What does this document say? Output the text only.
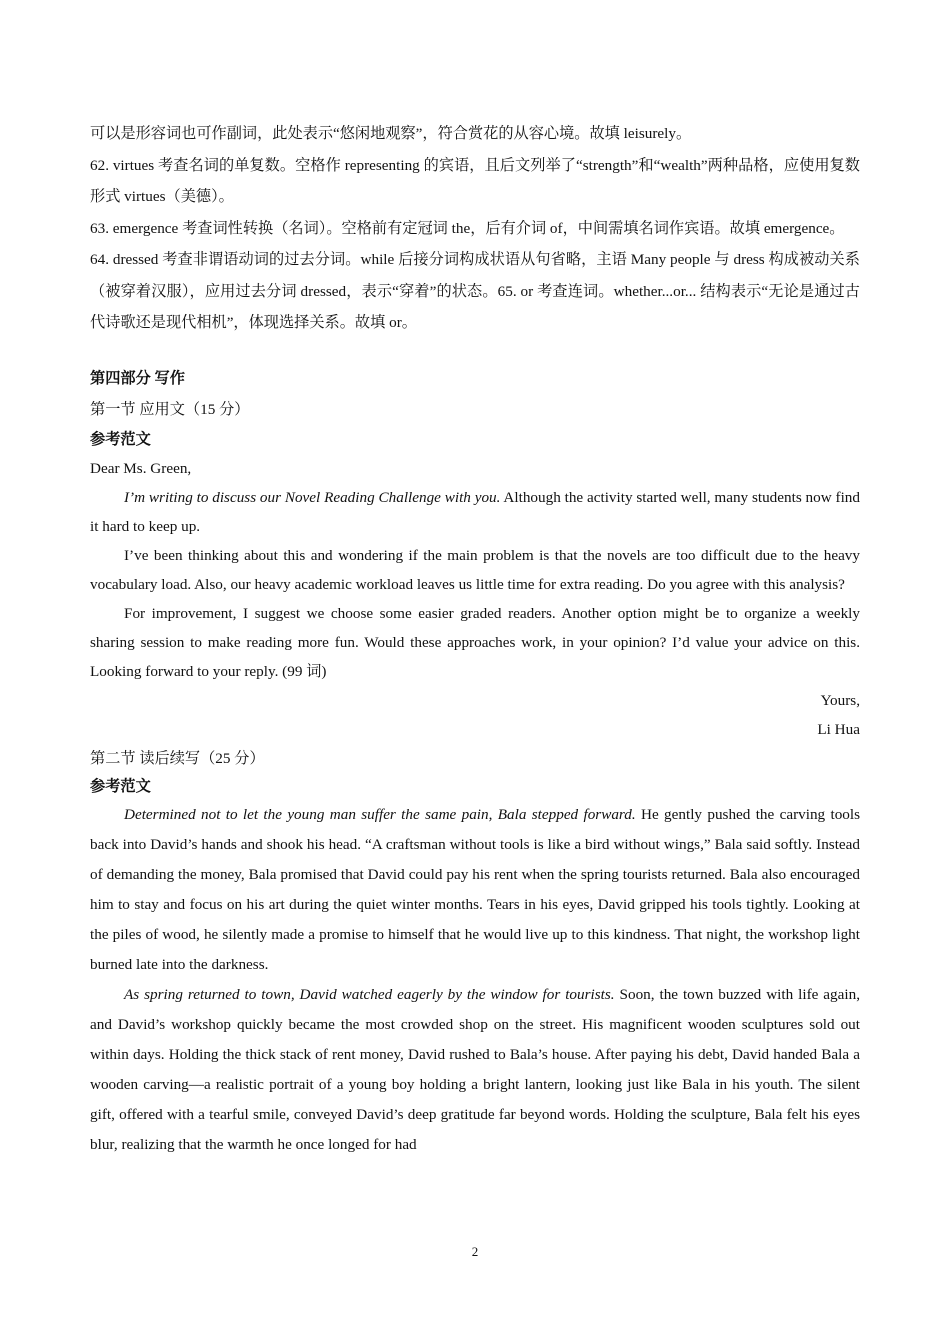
可以是形容词也可作副词，此处表示“悠闲地观察”，符合赏花的从容心境。故填 leisurely。

62. virtues 考查名词的单复数。空格作 representing 的宾语，且后文列举了“strength”和“wealth”两种品格，应使用复数形式 virtues（美德）。

63. emergence 考查词性转换（名词）。空格前有定冠词 the，后有介词 of，中间需填名词作宾语。故填 emergence。

64. dressed 考查非谓语动词的过去分词。while 后接分词构成状语从句省略，主语 Many people 与 dress 构成被动关系（被穿着汉服），应用过去分词 dressed，表示“穿着”的状态。65. or 考查连词。whether...or... 结构表示“无论是通过古代诗歌还是现代相机”，体现选择关系。故填 or。

第四部分 写作

第一节 应用文（15 分）

参考范文

Dear Ms. Green,

I’m writing to discuss our Novel Reading Challenge with you. Although the activity started well, many students now find it hard to keep up.

I’ve been thinking about this and wondering if the main problem is that the novels are too difficult due to the heavy vocabulary load. Also, our heavy academic workload leaves us little time for extra reading. Do you agree with this analysis?

For improvement, I suggest we choose some easier graded readers. Another option might be to organize a weekly sharing session to make reading more fun. Would these approaches work, in your opinion? I’d value your advice on this. Looking forward to your reply. (99 词)

Yours,

Li Hua

第二节 读后续写（25 分）

参考范文

Determined not to let the young man suffer the same pain, Bala stepped forward. He gently pushed the carving tools back into David’s hands and shook his head. “A craftsman without tools is like a bird without wings,” Bala said softly. Instead of demanding the money, Bala promised that David could pay his rent when the spring tourists returned. Bala also encouraged him to stay and focus on his art during the quiet winter months. Tears in his eyes, David gripped his tools tightly. Looking at the piles of wood, he silently made a promise to himself that he would live up to this kindness. That night, the workshop light burned late into the darkness.

As spring returned to town, David watched eagerly by the window for tourists. Soon, the town buzzed with life again, and David’s workshop quickly became the most crowded shop on the street. His magnificent wooden sculptures sold out within days. Holding the thick stack of rent money, David rushed to Bala’s house. After paying his debt, David handed Bala a wooden carving—a realistic portrait of a young boy holding a bright lantern, looking just like Bala in his youth. The silent gift, offered with a tearful smile, conveyed David’s deep gratitude far beyond words. Holding the sculpture, Bala felt his eyes blur, realizing that the warmth he once longed for had

2
